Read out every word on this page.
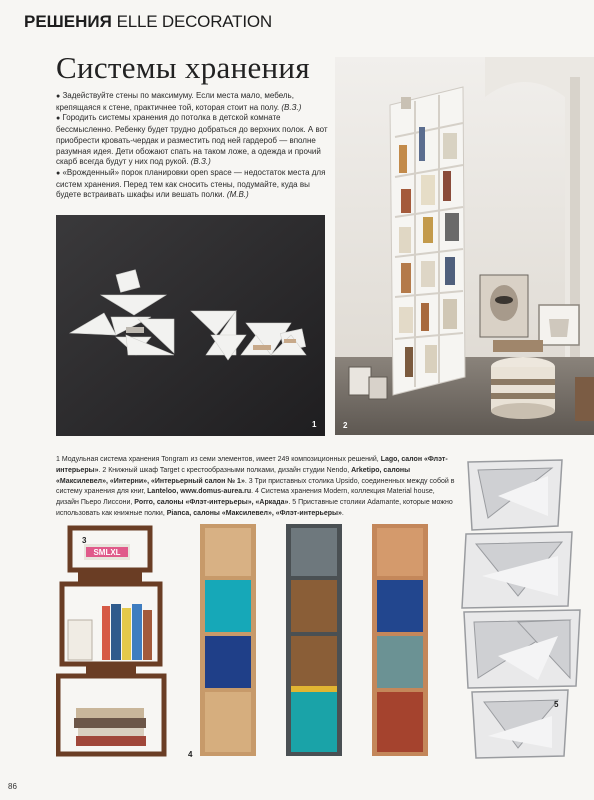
РЕШЕНИЯ ELLE DECORATION
Системы хранения

● Задействуйте стены по максимуму. Если места мало, мебель, крепящаяся к стене, практичнее той, которая стоит на полу. (В.З.)

● Городить системы хранения до потолка в детской комнате бессмысленно. Ребенку будет трудно добраться до верхних полок. А вот приобрести кровать-чердак и разместить под ней гардероб — вполне разумная идея. Дети обожают спать на таком ложе, а одежда и прочий скарб всегда будут у них под рукой. (В.З.)

● «Врожденный» порок планировки open space — недостаток места для систем хранения. Перед тем как сносить стены, подумайте, куда вы будете встраивать шкафы или вешать полки. (М.В.)

1	2
1 Модульная система хранения Tongram из семи элементов, имеет 249 композиционных решений, Lago, салон «Флэт-интерьеры». 2 Книжный шкаф Target с крестообразными полками, дизайн студии Nendo, Arketipo, салоны «Максилевел», «Интерни», «Интерьерный салон № 1». 3 Три приставных столика Upsido, соединенных между собой в систему хранения для книг, Lanteloo, www.domus-aurea.ru. 4 Система хранения Modern, коллекция Material house, дизайн Пьеро Лиссони, Porro, салоны «Флэт-интерьеры», «Аркада». 5 Приставные столики Adamante, которые можно использовать как книжные полки, Pianca, салоны «Максилевел», «Флэт-интерьеры».
SMLXL
3
4
5
86
